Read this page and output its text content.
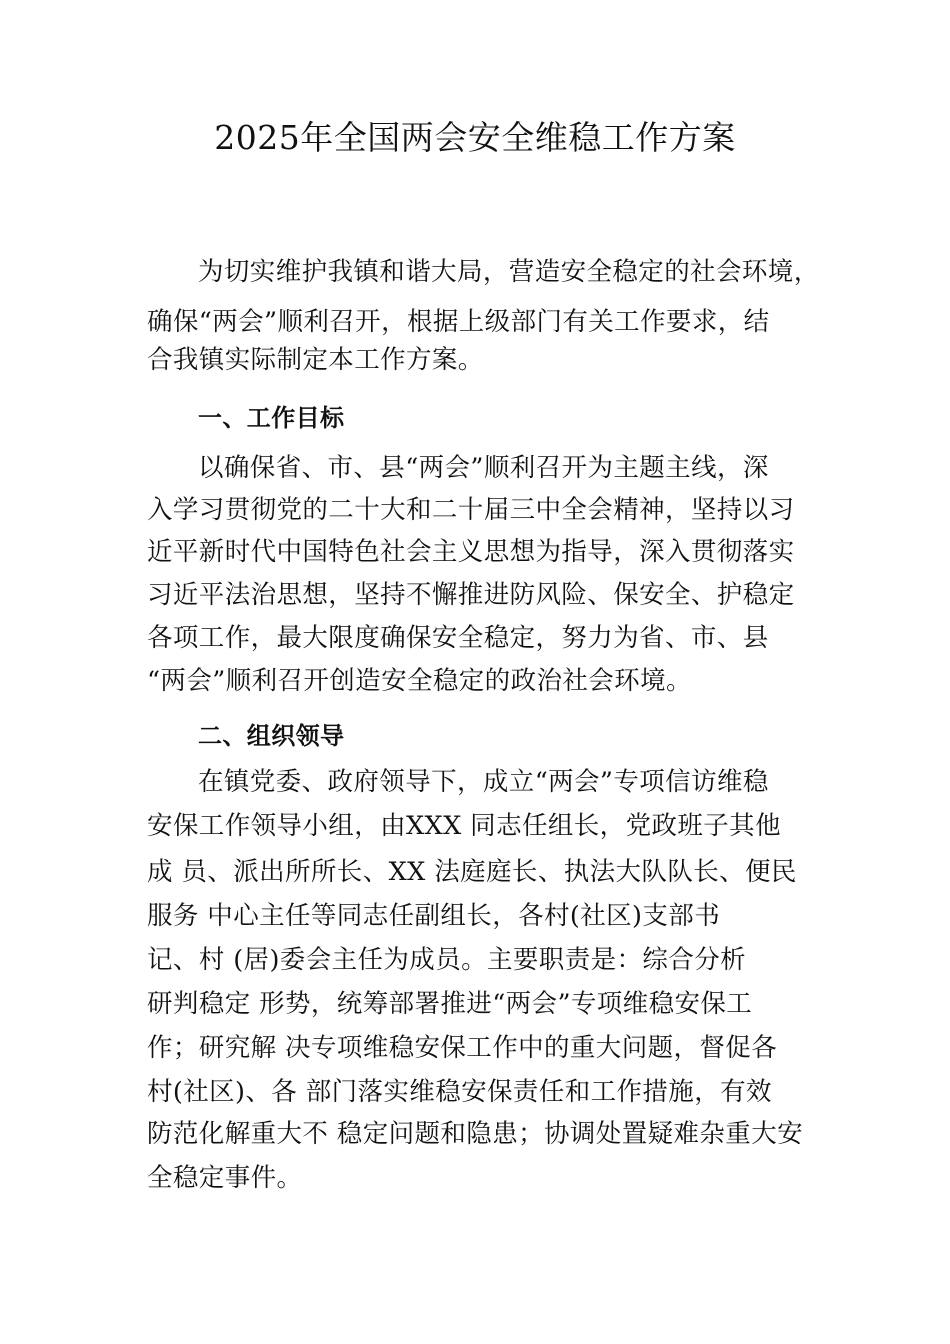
2025年全国两会安全维稳工作方案

为切实维护我镇和谐大局，营造安全稳定的社会环境，

确保“两会”顺利召开，根据上级部门有关工作要求，结

合我镇实际制定本工作方案。

一、工作目标

以确保省、市、县“两会”顺利召开为主题主线，深

入学习贯彻党的二十大和二十届三中全会精神，坚持以习

近平新时代中国特色社会主义思想为指导，深入贯彻落实

习近平法治思想，坚持不懈推进防风险、保安全、护稳定

各项工作，最大限度确保安全稳定，努力为省、市、县

“两会”顺利召开创造安全稳定的政治社会环境。

二、组织领导

在镇党委、政府领导下，成立“两会”专项信访维稳

安保工作领导小组，由XXX 同志任组长，党政班子其他

成 员、派出所所长、XX 法庭庭长、执法大队队长、便民

服务 中心主任等同志任副组长，各村(社区)支部书

记、村 (居)委会主任为成员。主要职责是：综合分析

研判稳定 形势，统筹部署推进“两会”专项维稳安保工

作；研究解 决专项维稳安保工作中的重大问题，督促各

村(社区)、各 部门落实维稳安保责任和工作措施，有效

防范化解重大不 稳定问题和隐患；协调处置疑难杂重大安

全稳定事件。
